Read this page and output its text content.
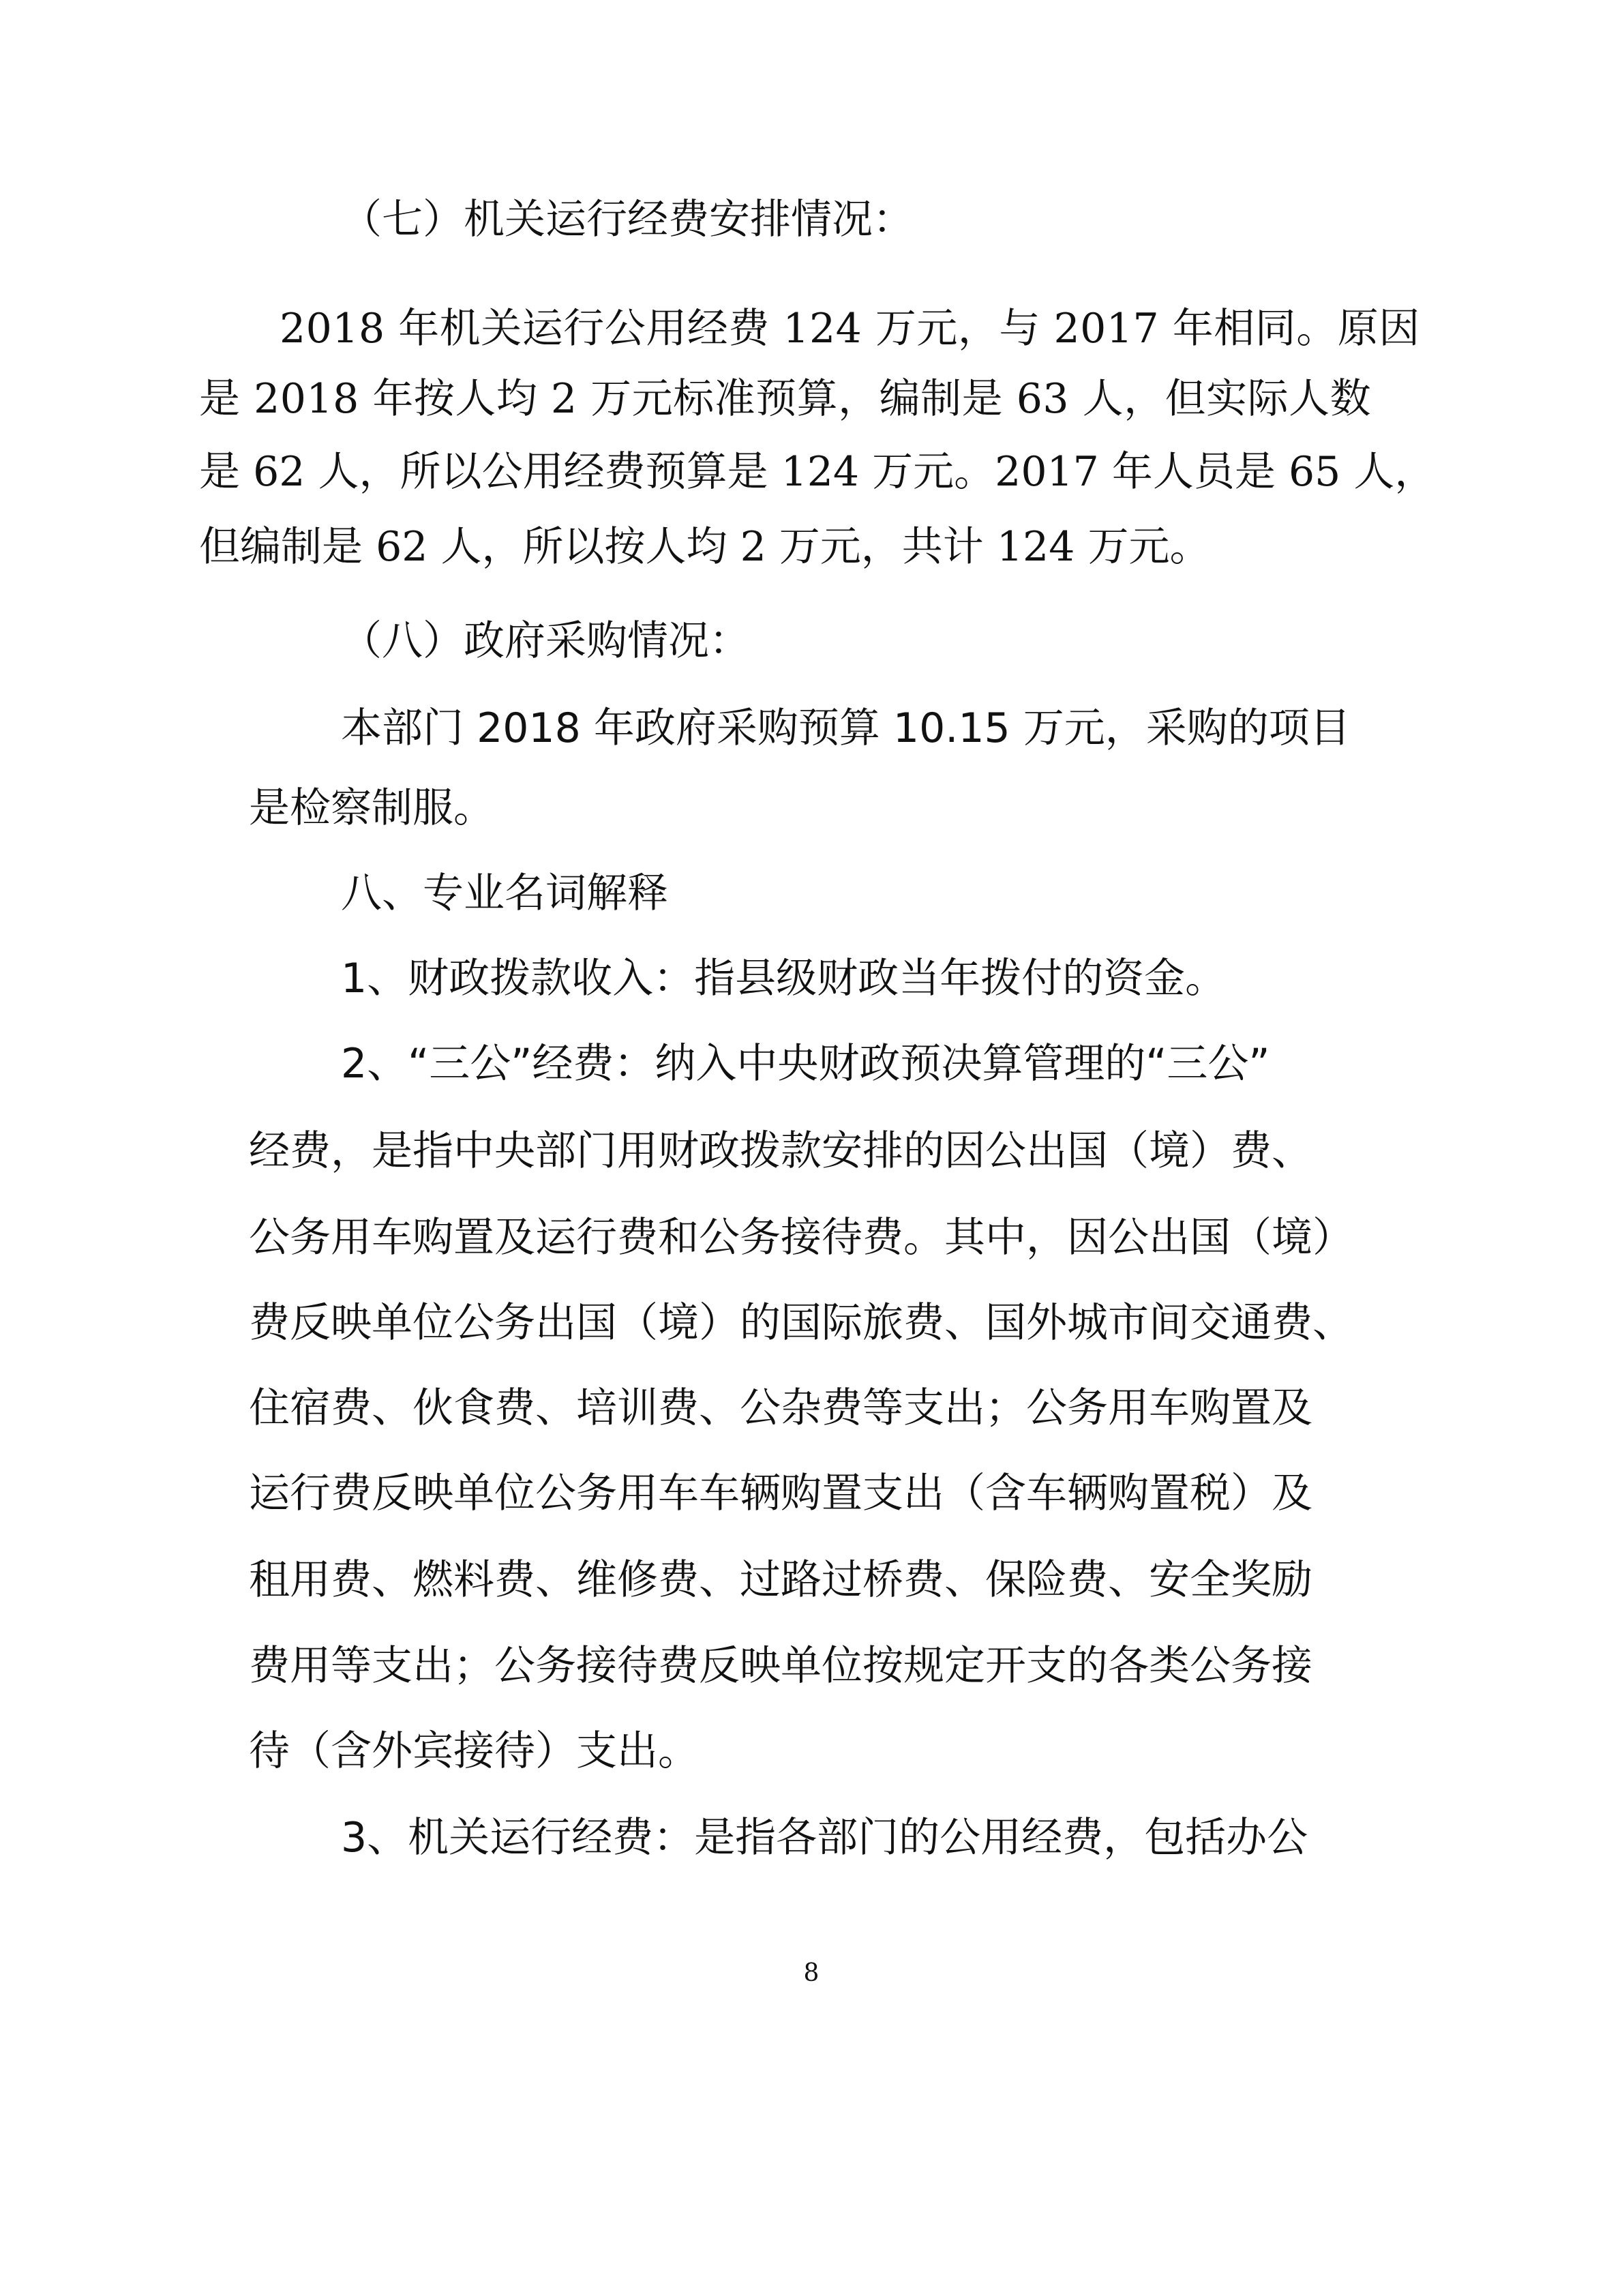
（七）机关运行经费安排情况：

2018 年机关运行公用经费 124 万元，与 2017 年相同。原因

是 2018 年按人均 2 万元标准预算，编制是 63 人，但实际人数

是 62 人，所以公用经费预算是 124 万元。2017 年人员是 65 人，

但编制是 62 人，所以按人均 2 万元，共计 124 万元。

（八）政府采购情况：

本部门 2018 年政府采购预算 10.15 万元，采购的项目

是检察制服。

八、专业名词解释

1、财政拨款收入：指县级财政当年拨付的资金。

2、“三公”经费：纳入中央财政预决算管理的“三公”

经费，是指中央部门用财政拨款安排的因公出国（境）费、

公务用车购置及运行费和公务接待费。其中，因公出国（境）

费反映单位公务出国（境）的国际旅费、国外城市间交通费、

住宿费、伙食费、培训费、公杂费等支出；公务用车购置及

运行费反映单位公务用车车辆购置支出（含车辆购置税）及

租用费、燃料费、维修费、过路过桥费、保险费、安全奖励

费用等支出；公务接待费反映单位按规定开支的各类公务接

待（含外宾接待）支出。

3、机关运行经费：是指各部门的公用经费，包括办公

8
